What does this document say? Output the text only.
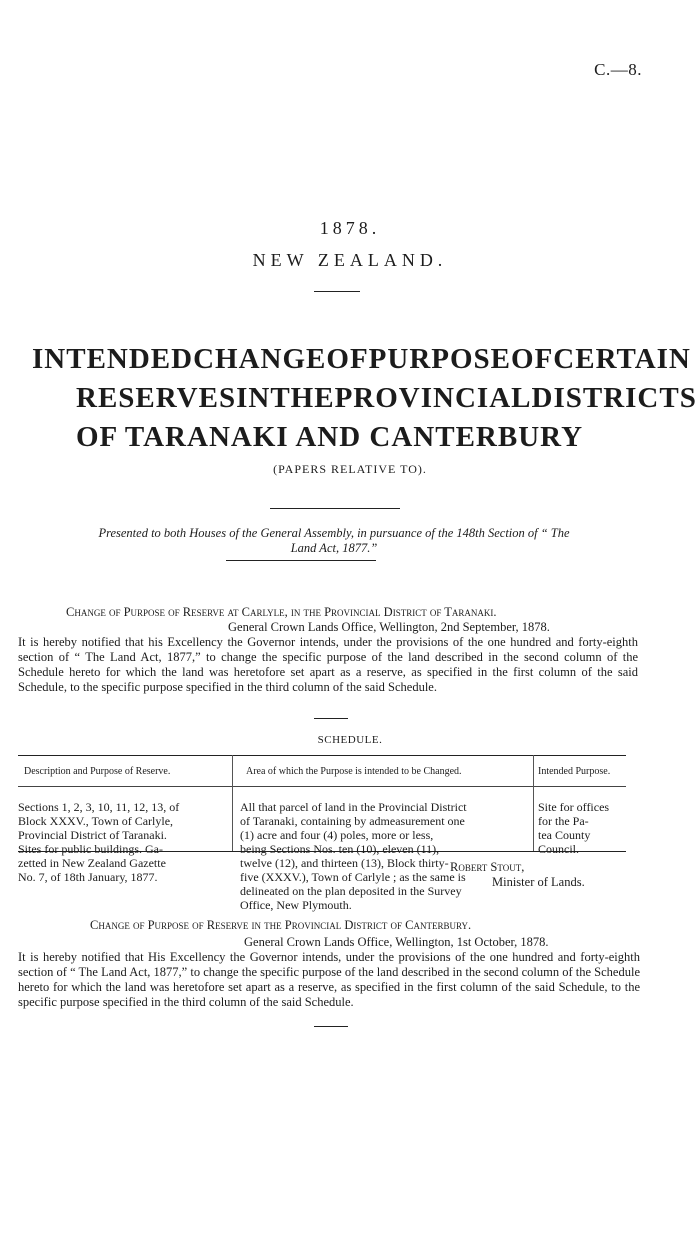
C.—8.
1878.
NEW ZEALAND.
INTENDED CHANGE OF PURPOSE OF CERTAIN
RESERVES IN THE PROVINCIAL DISTRICTS
OF TARANAKI AND CANTERBURY
(PAPERS RELATIVE TO).
Presented to both Houses of the General Assembly, in pursuance of the 148th Section of “ The
Land Act, 1877.”
Change of Purpose of Reserve at Carlyle, in the Provincial District of Taranaki.
General Crown Lands Office, Wellington, 2nd September, 1878.
It is hereby notified that his Excellency the Governor intends, under the provisions of the one hundred and forty-eighth section of “ The Land Act, 1877,” to change the specific purpose of the land described in the second column of the Schedule hereto for which the land was heretofore set apart as a reserve, as specified in the first column of the said Schedule, to the specific purpose specified in the third column of the said Schedule.
SCHEDULE.
Description and Purpose of Reserve.	Area of which the Purpose is intended to be Changed.	Intended Purpose.
Sections 1, 2, 3, 10, 11, 12, 13, of
Block XXXV., Town of Carlyle,
Provincial District of Taranaki.
Sites for public buildings. Ga-
zetted in New Zealand Gazette
No. 7, of 18th January, 1877.
All that parcel of land in the Provincial District
of Taranaki, containing by admeasurement one
(1) acre and four (4) poles, more or less,
being Sections Nos. ten (10), eleven (11),
twelve (12), and thirteen (13), Block thirty-
five (XXXV.), Town of Carlyle ; as the same is
delineated on the plan deposited in the Survey
Office, New Plymouth.
Site for offices
for the Pa-
tea County
Council.
Robert Stout,
Minister of Lands.
Change of Purpose of Reserve in the Provincial District of Canterbury.
General Crown Lands Office, Wellington, 1st October, 1878.
It is hereby notified that His Excellency the Governor intends, under the provisions of the one hundred and forty-eighth section of “ The Land Act, 1877,” to change the specific purpose of the land described in the second column of the Schedule hereto for which the land was heretofore set apart as a reserve, as specified in the first column of the said Schedule, to the specific purpose specified in the third column of the said Schedule.
